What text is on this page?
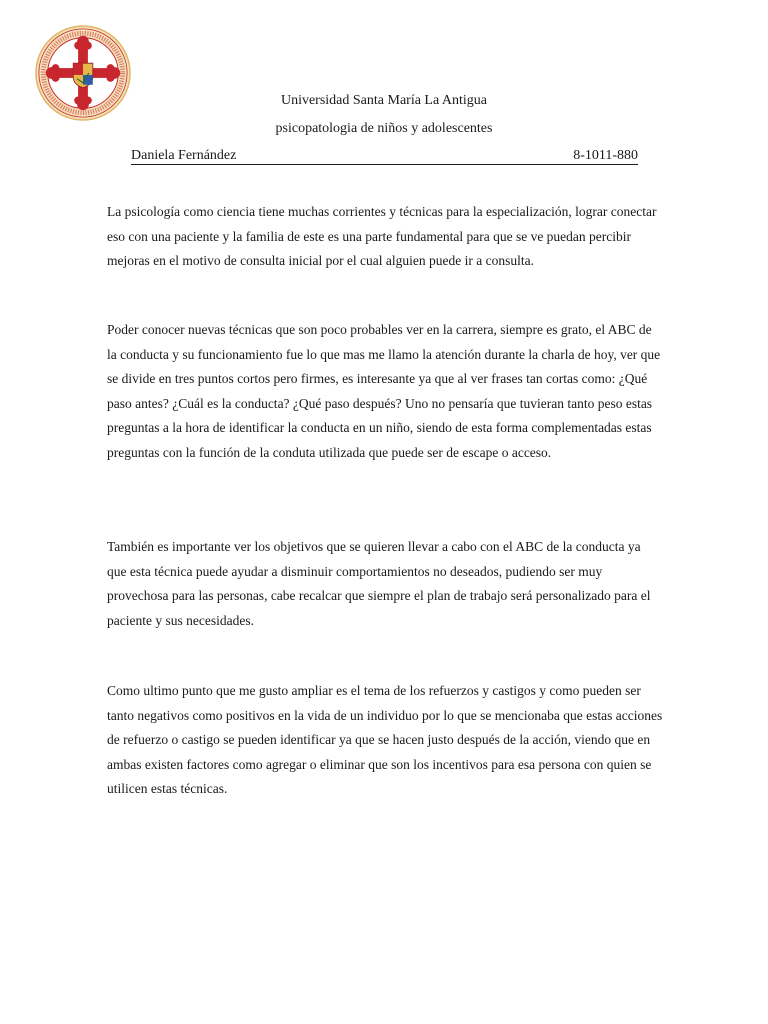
Universidad Santa María La Antigua
psicopatologia de niños y adolescentes
Daniela Fernández	8-1011-880

La psicología como ciencia tiene muchas corrientes y técnicas para la especialización, lograr conectar eso con una paciente y la familia de este es una parte fundamental para que se ve puedan percibir mejoras en el motivo de consulta inicial por el cual alguien puede ir a consulta.

Poder conocer nuevas técnicas que son poco probables ver en la carrera, siempre es grato, el ABC de la conducta y su funcionamiento fue lo que mas me llamo la atención durante la charla de hoy, ver que se divide en tres puntos cortos pero firmes, es interesante ya que al ver frases tan cortas como: ¿Qué paso antes? ¿Cuál es la conducta? ¿Qué paso después? Uno no pensaría que tuvieran tanto peso estas preguntas a la hora de identificar la conducta en un niño, siendo de esta forma complementadas estas preguntas con la función de la conduta utilizada que puede ser de escape o acceso.

También es importante ver los objetivos que se quieren llevar a cabo con el ABC de la conducta ya que esta técnica puede ayudar a disminuir comportamientos no deseados, pudiendo ser muy provechosa para las personas, cabe recalcar que siempre el plan de trabajo será personalizado para el paciente y sus necesidades.

Como ultimo punto que me gusto ampliar es el tema de los refuerzos y castigos y como pueden ser tanto negativos como positivos en la vida de un individuo por lo que se mencionaba que estas acciones de refuerzo o castigo se pueden identificar ya que se hacen justo después de la acción, viendo que en ambas existen factores como agregar o eliminar que son los incentivos para esa persona con quien se utilicen estas técnicas.
